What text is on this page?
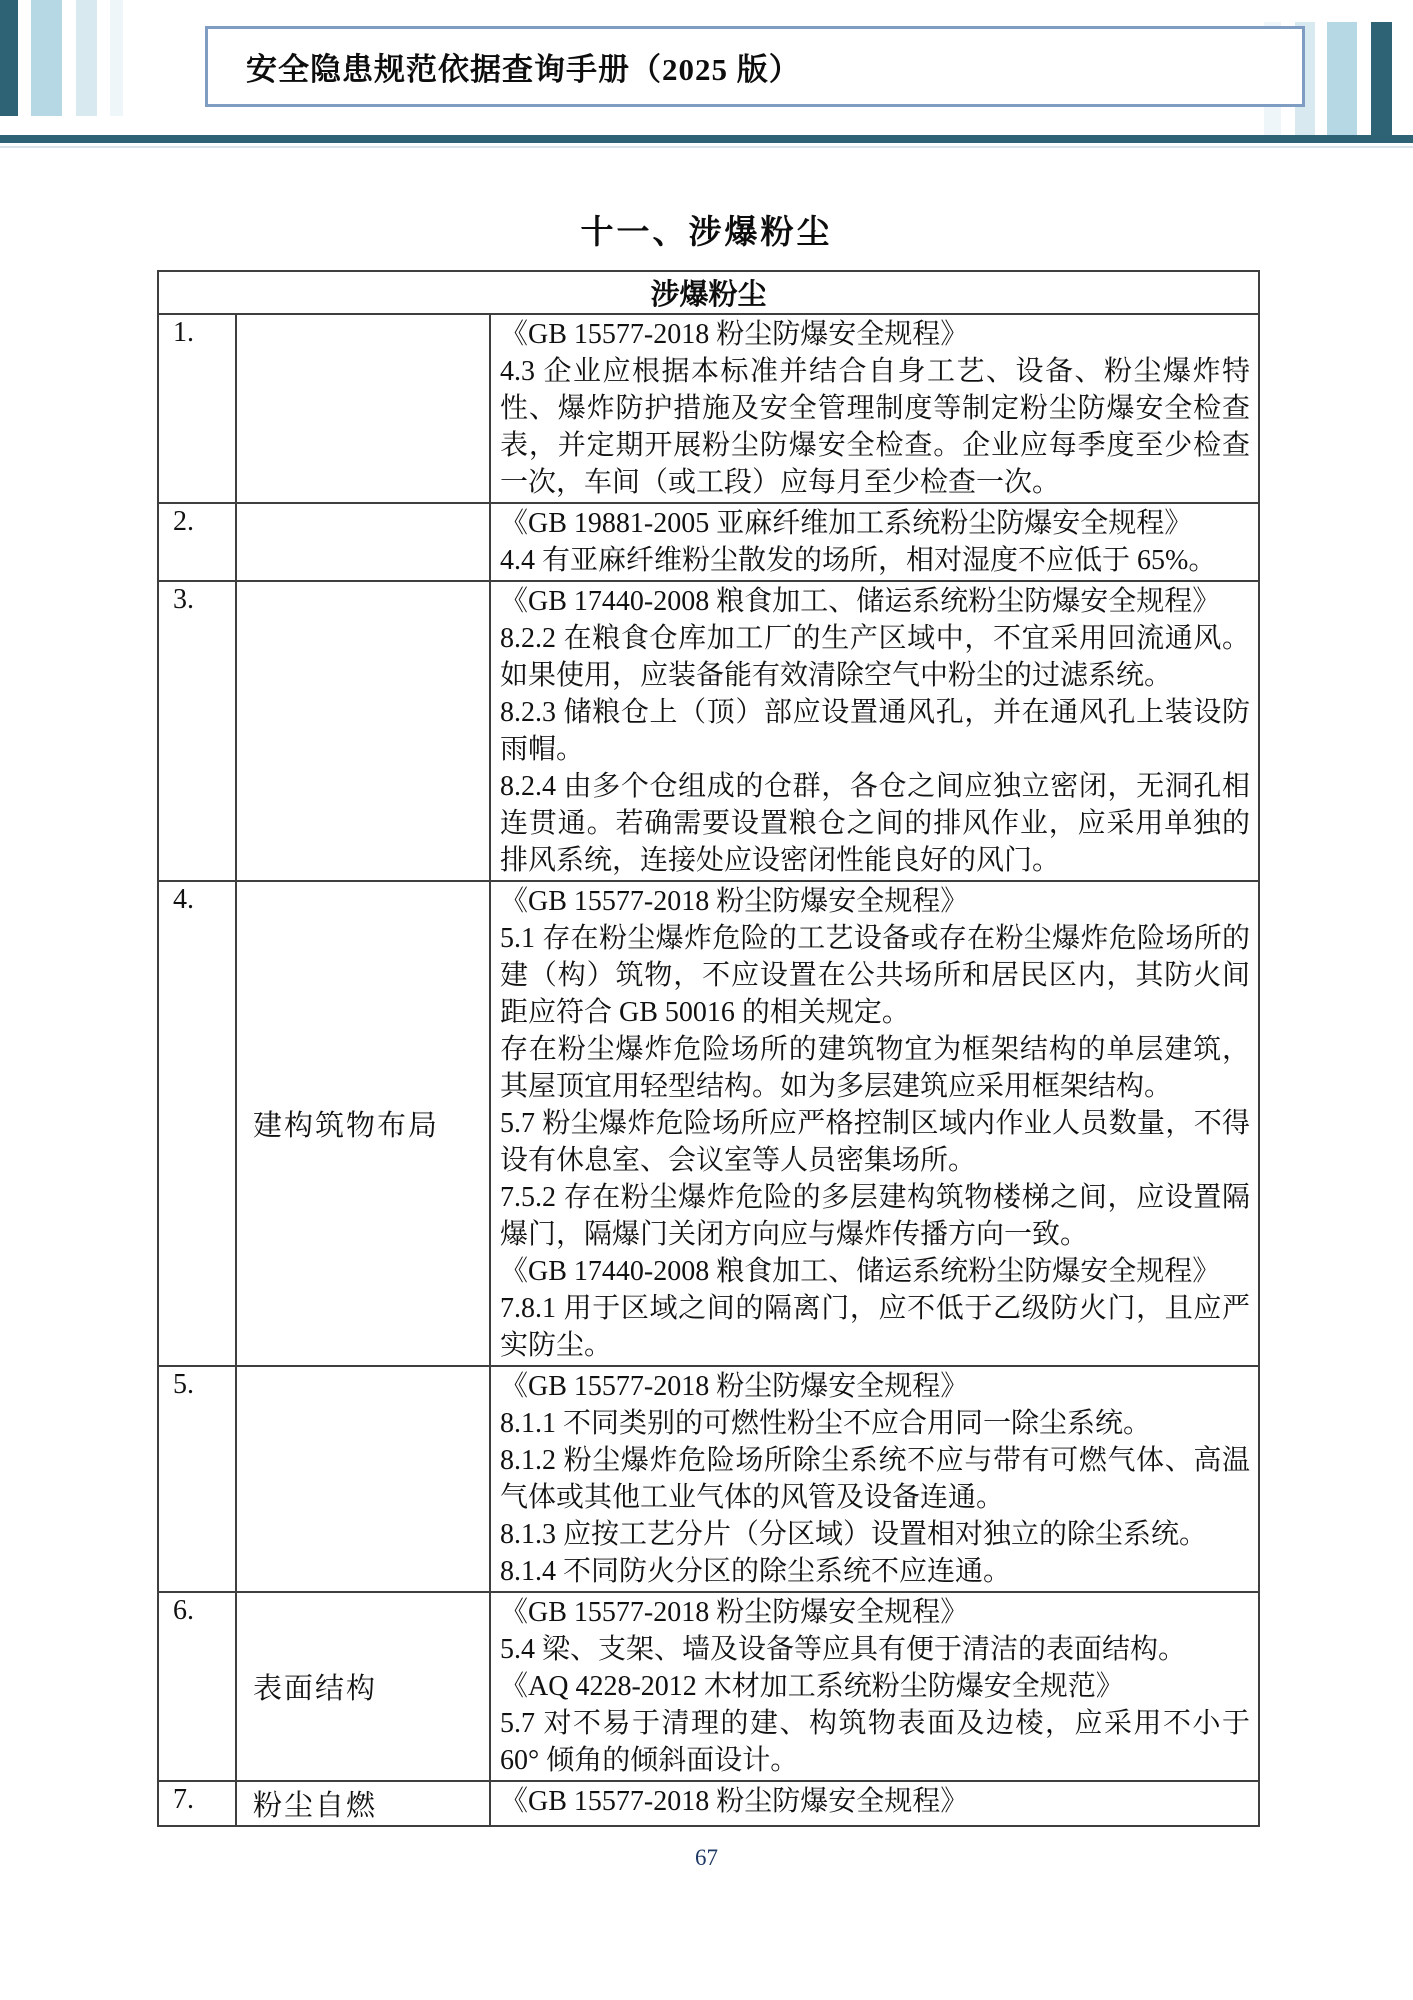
安全隐患规范依据查询手册（2025 版）
十一、涉爆粉尘
涉爆粉尘		
1.		《GB 15577-2018 粉尘防爆安全规程》

4.3 企业应根据本标准并结合自身工艺、设备、粉尘爆炸特性、爆炸防护措施及安全管理制度等制定粉尘防爆安全检查表，并定期开展粉尘防爆安全检查。企业应每季度至少检查一次，车间（或工段）应每月至少检查一次。

2.		《GB 19881-2005 亚麻纤维加工系统粉尘防爆安全规程》

4.4 有亚麻纤维粉尘散发的场所，相对湿度不应低于 65%。

3.		《GB 17440-2008 粮食加工、储运系统粉尘防爆安全规程》

8.2.2 在粮食仓库加工厂的生产区域中，不宜采用回流通风。如果使用，应装备能有效清除空气中粉尘的过滤系统。

8.2.3 储粮仓上（顶）部应设置通风孔，并在通风孔上装设防雨帽。

8.2.4 由多个仓组成的仓群，各仓之间应独立密闭，无洞孔相连贯通。若确需要设置粮仓之间的排风作业，应采用单独的排风系统，连接处应设密闭性能良好的风门。

4.	建构筑物布局	

《GB 15577-2018 粉尘防爆安全规程》

5.1 存在粉尘爆炸危险的工艺设备或存在粉尘爆炸危险场所的建（构）筑物，不应设置在公共场所和居民区内，其防火间距应符合 GB 50016 的相关规定。

存在粉尘爆炸危险场所的建筑物宜为框架结构的单层建筑，其屋顶宜用轻型结构。如为多层建筑应采用框架结构。

5.7 粉尘爆炸危险场所应严格控制区域内作业人员数量，不得设有休息室、会议室等人员密集场所。

7.5.2 存在粉尘爆炸危险的多层建构筑物楼梯之间，应设置隔爆门，隔爆门关闭方向应与爆炸传播方向一致。

《GB 17440-2008 粮食加工、储运系统粉尘防爆安全规程》

7.8.1 用于区域之间的隔离门，应不低于乙级防火门，且应严实防尘。

5.		《GB 15577-2018 粉尘防爆安全规程》

8.1.1 不同类别的可燃性粉尘不应合用同一除尘系统。

8.1.2 粉尘爆炸危险场所除尘系统不应与带有可燃气体、高温气体或其他工业气体的风管及设备连通。

8.1.3 应按工艺分片（分区域）设置相对独立的除尘系统。

8.1.4 不同防火分区的除尘系统不应连通。

6.	表面结构	《GB 15577-2018 粉尘防爆安全规程》

5.4 梁、支架、墙及设备等应具有便于清洁的表面结构。

《AQ 4228-2012 木材加工系统粉尘防爆安全规范》

5.7 对不易于清理的建、构筑物表面及边棱，应采用不小于 60° 倾角的倾斜面设计。

7.	粉尘自燃	《GB 15577-2018 粉尘防爆安全规程》

67
